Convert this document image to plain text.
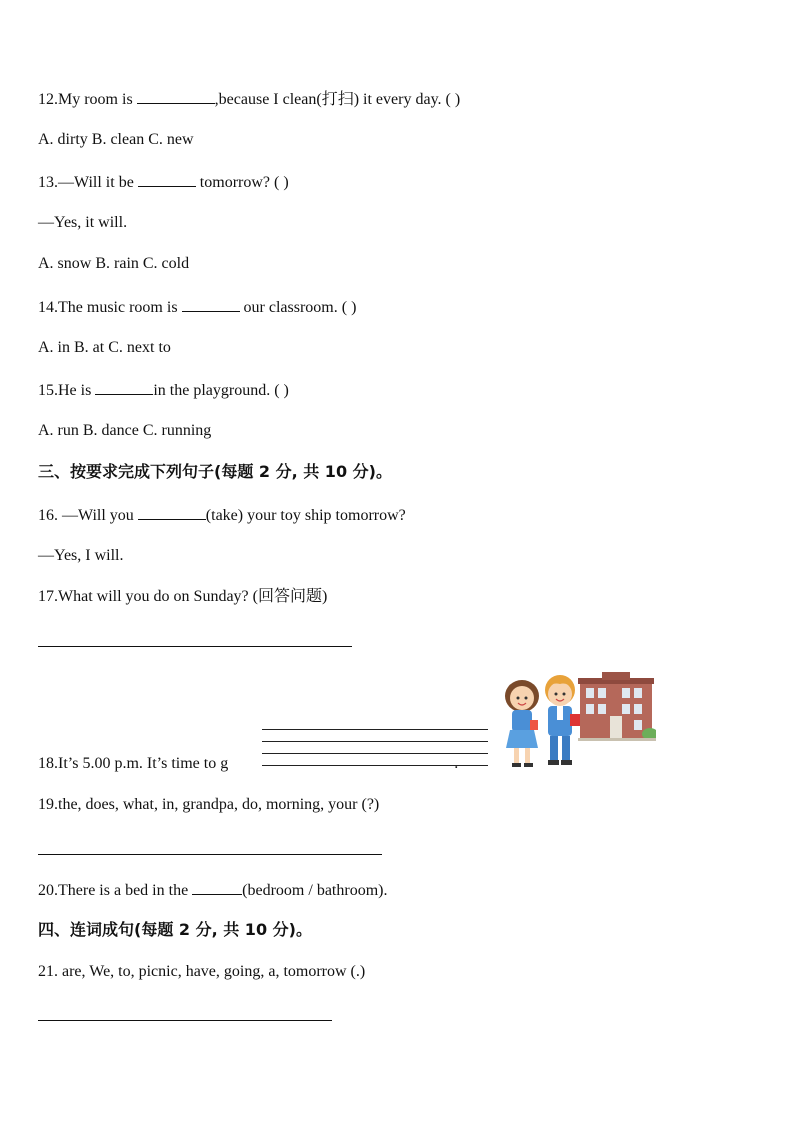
12.My room is	,because I clean(打扫) it every day. ( )
A. dirty B. clean C. new
13.—Will it be	tomorrow? ( )
—Yes, it will.
A. snow B. rain C. cold
14.The music room is	our classroom. ( )
A. in B. at C. next to
15.He is	in the playground. ( )
A. run B. dance C. running
三、按要求完成下列句子(每题 2 分, 共 10 分)。
16. —Will you	(take) your toy ship tomorrow?
—Yes, I will.
17.What will you do on Sunday? (回答问题)
18.It’s 5.00 p.m. It’s time to g	.
19.the, does, what, in, grandpa, do, morning, your (?)
20.There is a bed in the	(bedroom / bathroom).
四、连词成句(每题 2 分, 共 10 分)。
21. are, We, to, picnic, have, going, a, tomorrow (.)
